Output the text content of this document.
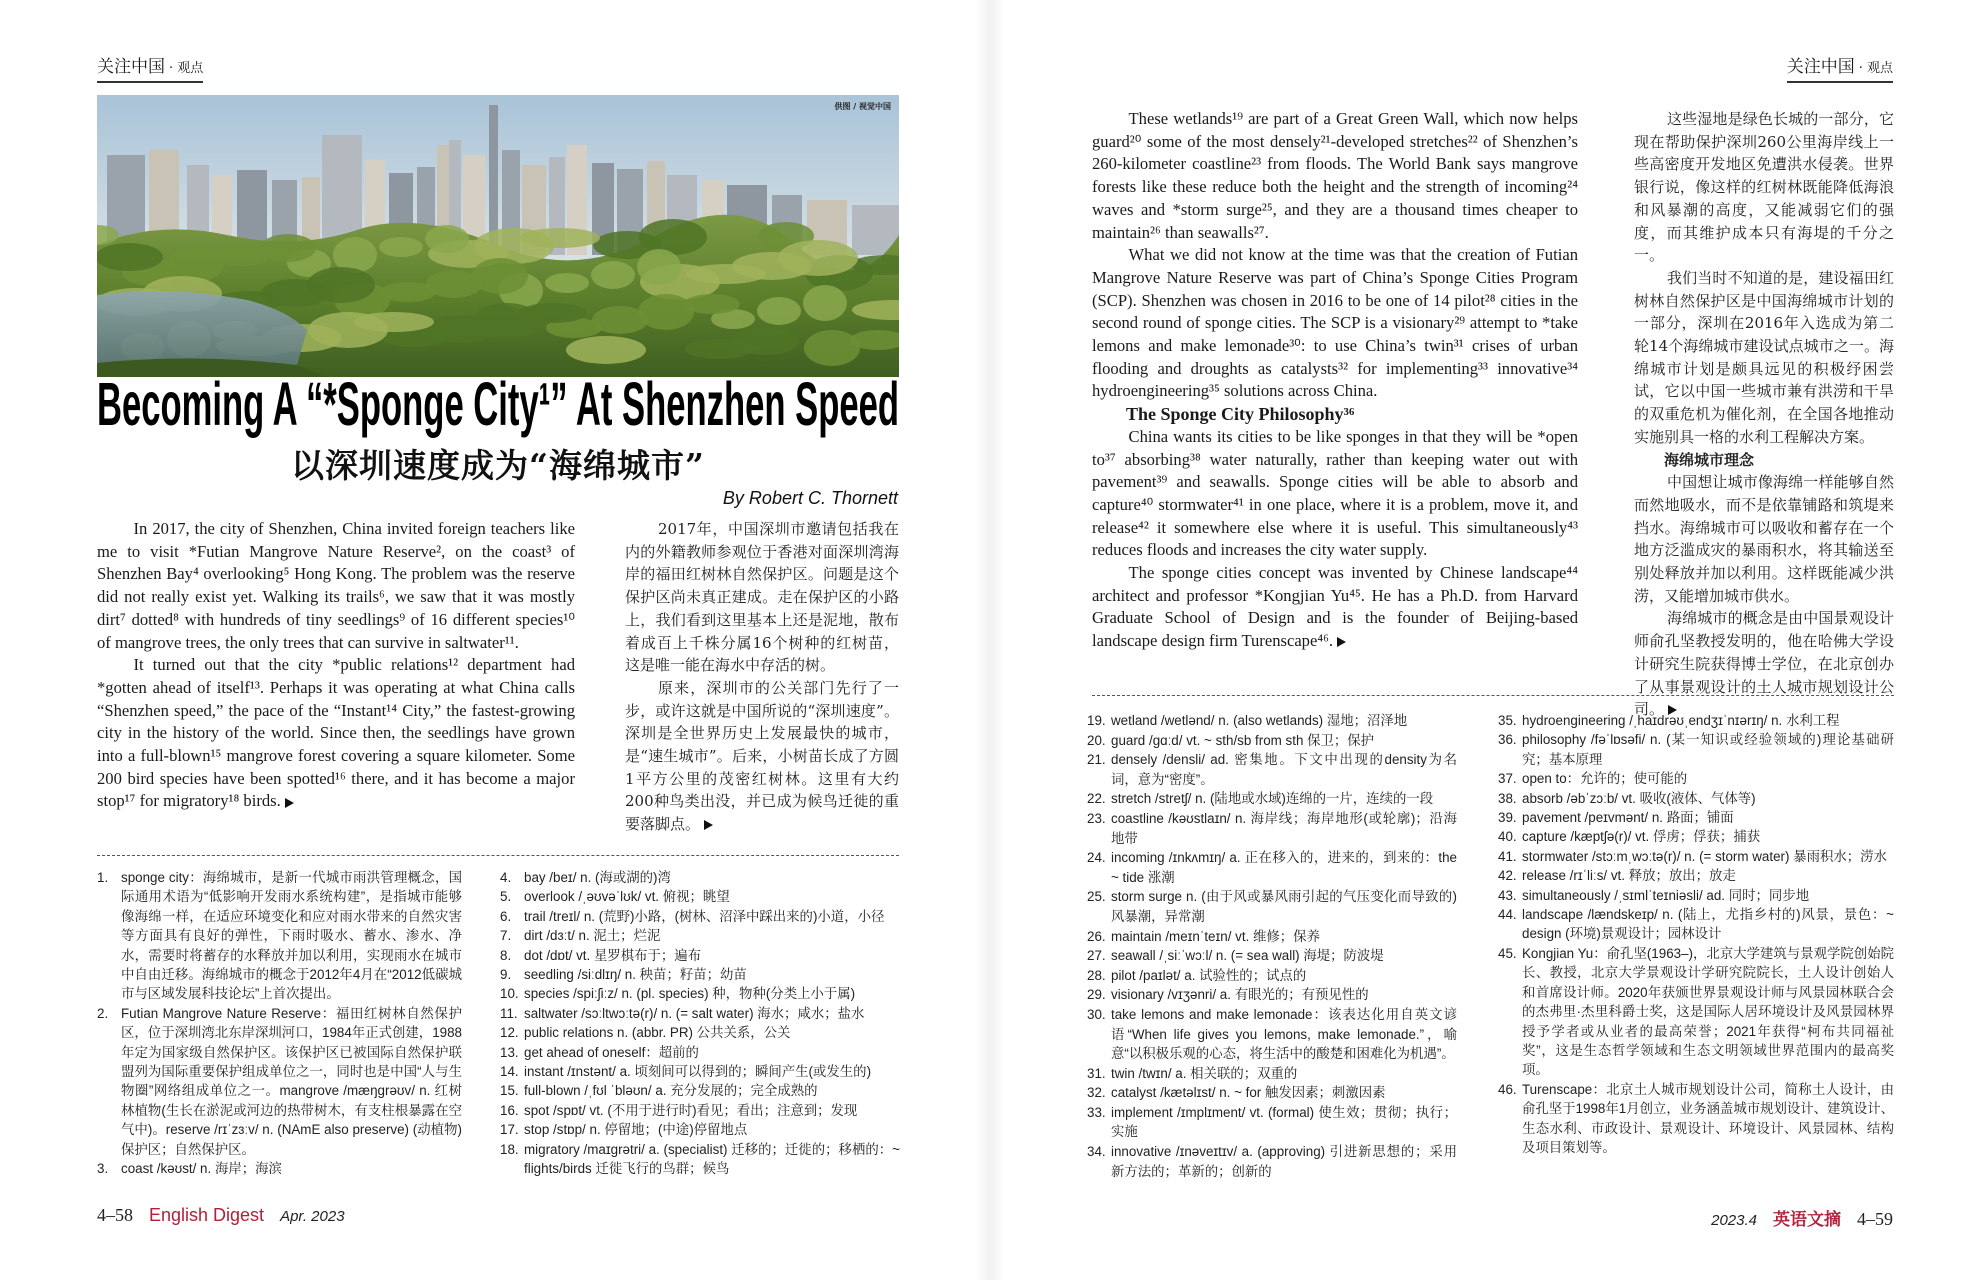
关注中国 · 观点
供图 / 视觉中国
Becoming A “*Sponge City¹” At Shenzhen Speed
以深圳速度成为“海绵城市”
By Robert C. Thornett

In 2017, the city of Shenzhen, China invited foreign teachers like me to visit *Futian Mangrove Nature Reserve², on the coast³ of Shenzhen Bay⁴ overlooking⁵ Hong Kong. The problem was the reserve did not really exist yet. Walking its trails⁶, we saw that it was mostly dirt⁷ dotted⁸ with hundreds of tiny seedlings⁹ of 16 different species¹⁰ of mangrove trees, the only trees that can survive in saltwater¹¹.

It turned out that the city *public relations¹² department had *gotten ahead of itself¹³. Perhaps it was operating at what China calls “Shenzhen speed,” the pace of the “Instant¹⁴ City,” the fastest-growing city in the history of the world. Since then, the seedlings have grown into a full-blown¹⁵ mangrove forest covering a square kilometer. Some 200 bird species have been spotted¹⁶ there, and it has become a major stop¹⁷ for migratory¹⁸ birds.

2017年，中国深圳市邀请包括我在内的外籍教师参观位于香港对面深圳湾海岸的福田红树林自然保护区。问题是这个保护区尚未真正建成。走在保护区的小路上，我们看到这里基本上还是泥地，散布着成百上千株分属16个树种的红树苗，这是唯一能在海水中存活的树。

原来，深圳市的公关部门先行了一步，或许这就是中国所说的“深圳速度”。深圳是全世界历史上发展最快的城市，是“速生城市”。后来，小树苗长成了方圆1平方公里的茂密红树林。这里有大约200种鸟类出没，并已成为候鸟迁徙的重要落脚点。

1. sponge city：海绵城市，是新一代城市雨洪管理概念，国际通用术语为“低影响开发雨水系统构建”，是指城市能够像海绵一样，在适应环境变化和应对雨水带来的自然灾害等方面具有良好的弹性，下雨时吸水、蓄水、渗水、净水，需要时将蓄存的水释放并加以利用，实现雨水在城市中自由迁移。海绵城市的概念于2012年4月在“2012低碳城市与区域发展科技论坛”上首次提出。
2. Futian Mangrove Nature Reserve：福田红树林自然保护区，位于深圳湾北东岸深圳河口，1984年正式创建，1988年定为国家级自然保护区。该保护区已被国际自然保护联盟列为国际重要保护组成单位之一，同时也是中国“人与生物圈”网络组成单位之一。mangrove /mæŋɡrəʊv/ n. 红树林植物(生长在淤泥或河边的热带树木，有支柱根暴露在空气中)。reserve /rɪˈzɜːv/ n. (NAmE also preserve) (动植物)保护区；自然保护区。
3. coast /kəʊst/ n. 海岸；海滨
4. bay /beɪ/ n. (海或湖的)湾
5. overlook /ˌəʊvəˈlʊk/ vt. 俯视；眺望
6. trail /treɪl/ n. (荒野)小路，(树林、沼泽中踩出来的)小道，小径
7. dirt /dɜːt/ n. 泥土；烂泥
8. dot /dɒt/ vt. 星罗棋布于；遍布
9. seedling /siːdlɪŋ/ n. 秧苗；籽苗；幼苗
10. species /spiːʃiːz/ n. (pl. species) 种，物种(分类上小于属)
11. saltwater /sɔːltwɔːtə(r)/ n. (= salt water) 海水；咸水；盐水
12. public relations n. (abbr. PR) 公共关系，公关
13. get ahead of oneself：超前的
14. instant /ɪnstənt/ a. 顷刻间可以得到的；瞬间产生(或发生的)
15. full-blown /ˌfʊl ˈbləʊn/ a. 充分发展的；完全成熟的
16. spot /spɒt/ vt. (不用于进行时)看见；看出；注意到；发现
17. stop /stɒp/ n. 停留地；(中途)停留地点
18. migratory /maɪɡrətri/ a. (specialist) 迁移的；迁徙的；移栖的：~ flights/birds 迁徙飞行的鸟群；候鸟
4–58 English Digest Apr. 2023
关注中国 · 观点

These wetlands¹⁹ are part of a Great Green Wall, which now helps guard²⁰ some of the most densely²¹-developed stretches²² of Shenzhen’s 260-kilometer coastline²³ from floods. The World Bank says mangrove forests like these reduce both the height and the strength of incoming²⁴ waves and *storm surge²⁵, and they are a thousand times cheaper to maintain²⁶ than seawalls²⁷.

What we did not know at the time was that the creation of Futian Mangrove Nature Reserve was part of China’s Sponge Cities Program (SCP). Shenzhen was chosen in 2016 to be one of 14 pilot²⁸ cities in the second round of sponge cities. The SCP is a visionary²⁹ attempt to *take lemons and make lemonade³⁰: to use China’s twin³¹ crises of urban flooding and droughts as catalysts³² for implementing³³ innovative³⁴ hydroengineering³⁵ solutions across China.

The Sponge City Philosophy³⁶

China wants its cities to be like sponges in that they will be *open to³⁷ absorbing³⁸ water naturally, rather than keeping water out with pavement³⁹ and seawalls. Sponge cities will be able to absorb and capture⁴⁰ stormwater⁴¹ in one place, where it is a problem, move it, and release⁴² it somewhere else where it is useful. This simultaneously⁴³ reduces floods and increases the city water supply.

The sponge cities concept was invented by Chinese landscape⁴⁴ architect and professor *Kongjian Yu⁴⁵. He has a Ph.D. from Harvard Graduate School of Design and is the founder of Beijing-based landscape design firm Turenscape⁴⁶.

这些湿地是绿色长城的一部分，它现在帮助保护深圳260公里海岸线上一些高密度开发地区免遭洪水侵袭。世界银行说，像这样的红树林既能降低海浪和风暴潮的高度，又能减弱它们的强度，而其维护成本只有海堤的千分之一。

我们当时不知道的是，建设福田红树林自然保护区是中国海绵城市计划的一部分，深圳在2016年入选成为第二轮14个海绵城市建设试点城市之一。海绵城市计划是颇具远见的积极纾困尝试，它以中国一些城市兼有洪涝和干旱的双重危机为催化剂，在全国各地推动实施别具一格的水利工程解决方案。

海绵城市理念

中国想让城市像海绵一样能够自然而然地吸水，而不是依靠铺路和筑堤来挡水。海绵城市可以吸收和蓄存在一个地方泛滥成灾的暴雨积水，将其输送至别处释放并加以利用。这样既能减少洪涝，又能增加城市供水。

海绵城市的概念是由中国景观设计师俞孔坚教授发明的，他在哈佛大学设计研究生院获得博士学位，在北京创办了从事景观设计的土人城市规划设计公司。

19. wetland /wetlənd/ n. (also wetlands) 湿地；沼泽地
20. guard /ɡɑːd/ vt. ~ sth/sb from sth 保卫；保护
21. densely /densli/ ad. 密集地。下文中出现的density为名词，意为“密度”。
22. stretch /stretʃ/ n. (陆地或水域)连绵的一片，连续的一段
23. coastline /kəʊstlaɪn/ n. 海岸线；海岸地形(或轮廓)；沿海地带
24. incoming /ɪnkʌmɪŋ/ a. 正在移入的，进来的，到来的：the ~ tide 涨潮
25. storm surge n. (由于风或暴风雨引起的气压变化而导致的)风暴潮，异常潮
26. maintain /meɪnˈteɪn/ vt. 维修；保养
27. seawall /ˌsiːˈwɔːl/ n. (= sea wall) 海堤；防波堤
28. pilot /paɪlət/ a. 试验性的；试点的
29. visionary /vɪʒənri/ a. 有眼光的；有预见性的
30. take lemons and make lemonade：该表达化用自英文谚语“When life gives you lemons, make lemonade.”，喻意“以积极乐观的心态，将生活中的酸楚和困难化为机遇”。
31. twin /twɪn/ a. 相关联的；双重的
32. catalyst /kætəlɪst/ n. ~ for 触发因素；刺激因素
33. implement /ɪmplɪment/ vt. (formal) 使生效；贯彻；执行；实施
34. innovative /ɪnəveɪtɪv/ a. (approving) 引进新思想的；采用新方法的；革新的；创新的
35. hydroengineering /ˌhaɪdrəʊˌendʒɪˈnɪərɪŋ/ n. 水利工程
36. philosophy /fəˈlɒsəfi/ n. (某一知识或经验领域的)理论基础研究；基本原理
37. open to：允许的；使可能的
38. absorb /əbˈzɔːb/ vt. 吸收(液体、气体等)
39. pavement /peɪvmənt/ n. 路面；铺面
40. capture /kæptʃə(r)/ vt. 俘虏；俘获；捕获
41. stormwater /stɔːmˌwɔːtə(r)/ n. (= storm water) 暴雨积水；涝水
42. release /rɪˈliːs/ vt. 释放；放出；放走
43. simultaneously /ˌsɪmlˈteɪniəsli/ ad. 同时；同步地
44. landscape /lændskeɪp/ n. (陆上，尤指乡村的)风景，景色：~ design (环境)景观设计；园林设计
45. Kongjian Yu：俞孔坚(1963–)，北京大学建筑与景观学院创始院长、教授，北京大学景观设计学研究院院长，土人设计创始人和首席设计师。2020年获颁世界景观设计师与风景园林联合会的杰弗里·杰里科爵士奖，这是国际人居环境设计及风景园林界授予学者或从业者的最高荣誉；2021年获得“柯布共同福祉奖”，这是生态哲学领域和生态文明领域世界范围内的最高奖项。
46. Turenscape：北京土人城市规划设计公司，简称土人设计，由俞孔坚于1998年1月创立，业务涵盖城市规划设计、建筑设计、生态水利、市政设计、景观设计、环境设计、风景园林、结构及项目策划等。
2023.4 英语文摘 4–59
